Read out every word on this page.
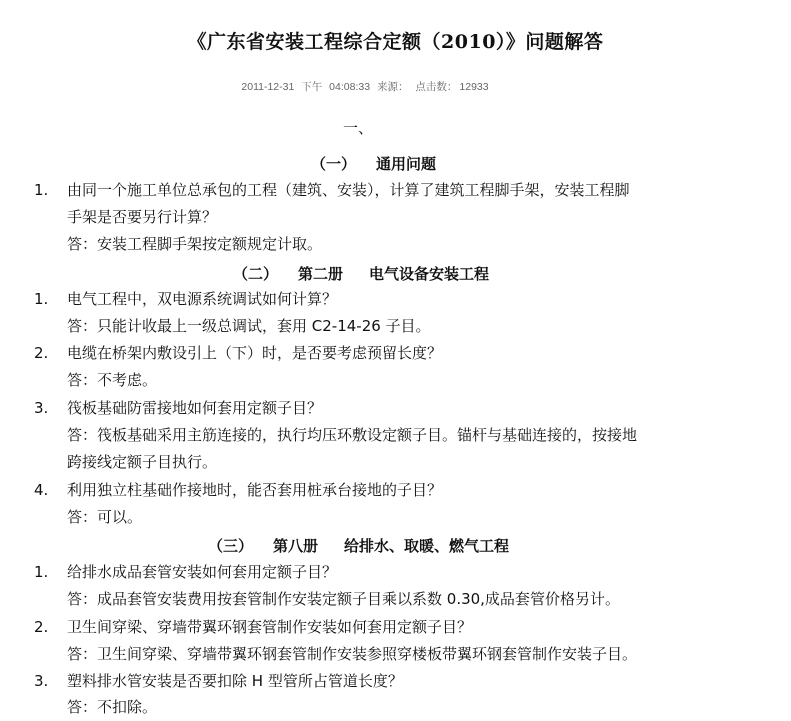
《广东省安装工程综合定额（2010）》问题解答
2011-12-31 下午 04:08:33 来源： 点击数： 12933
一、
（一） 通用问题
1.	由同一个施工单位总承包的工程（建筑、安装），计算了建筑工程脚手架，安装工程脚
手架是否要另行计算？
答：安装工程脚手架按定额规定计取。
（二） 第二册 电气设备安装工程
1.	电气工程中，双电源系统调试如何计算？
答：只能计收最上一级总调试，套用 C2-14-26 子目。
2.	电缆在桥架内敷设引上（下）时，是否要考虑预留长度？
答：不考虑。
3.	筏板基础防雷接地如何套用定额子目？
答：筏板基础采用主筋连接的，执行均压环敷设定额子目。锚杆与基础连接的，按接地
跨接线定额子目执行。
4.	利用独立柱基础作接地时，能否套用桩承台接地的子目？
答：可以。
（三） 第八册 给排水、取暖、燃气工程
1.	给排水成品套管安装如何套用定额子目？
答：成品套管安装费用按套管制作安装定额子目乘以系数 0.30,成品套管价格另计。
2.	卫生间穿梁、穿墙带翼环钢套管制作安装如何套用定额子目？
答：卫生间穿梁、穿墙带翼环钢套管制作安装参照穿楼板带翼环钢套管制作安装子目。
3.	塑料排水管安装是否要扣除 H 型管所占管道长度？
答：不扣除。
